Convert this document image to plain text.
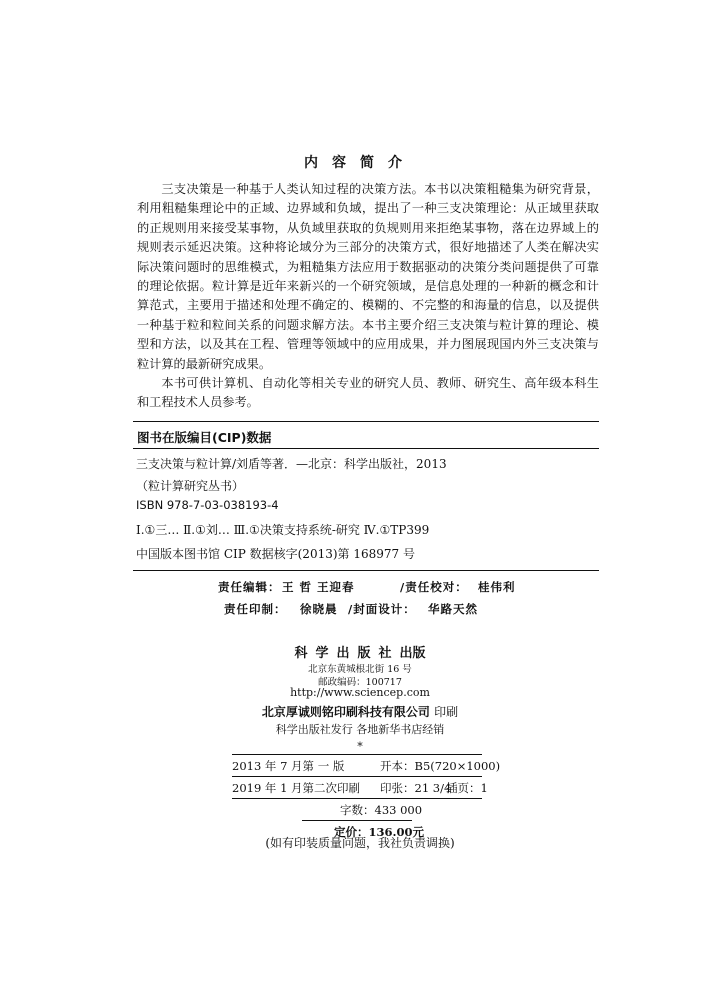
内容简介

三支决策是一种基于人类认知过程的决策方法。本书以决策粗糙集为研究背景，利用粗糙集理论中的正域、边界域和负域，提出了一种三支决策理论：从正域里获取的正规则用来接受某事物，从负域里获取的负规则用来拒绝某事物，落在边界域上的规则表示延迟决策。这种将论域分为三部分的决策方式，很好地描述了人类在解决实际决策问题时的思维模式，为粗糙集方法应用于数据驱动的决策分类问题提供了可靠的理论依据。粒计算是近年来新兴的一个研究领域，是信息处理的一种新的概念和计算范式，主要用于描述和处理不确定的、模糊的、不完整的和海量的信息，以及提供一种基于粒和粒间关系的问题求解方法。本书主要介绍三支决策与粒计算的理论、模型和方法，以及其在工程、管理等领域中的应用成果，并力图展现国内外三支决策与粒计算的最新研究成果。

本书可供计算机、自动化等相关专业的研究人员、教师、研究生、高年级本科生和工程技术人员参考。

图书在版编目(CIP)数据
三支决策与粒计算/刘盾等著．—北京：科学出版社，2013
（粒计算研究丛书）
ISBN 978-7-03-038193-4
Ⅰ.①三… Ⅱ.①刘… Ⅲ.①决策支持系统-研究 Ⅳ.①TP399
中国版本图书馆 CIP 数据核字(2013)第 168977 号
责任编辑： 王 哲 王迎春	/责任校对： 桂伟利
责任印制： 徐晓晨 /封面设计： 华路天然
科学出版社出版
北京东黄城根北街 16 号
邮政编码：100717
http://www.sciencep.com
北京厚诚则铭印刷科技有限公司 印刷
科学出版社发行 各地新华书店经销
*
2013 年 7 月第 一 版	开本：B5(720×1000)
2019 年 1 月第二次印刷 印张：21 3/4
插页：1
字数：433 000
定价：136.00元
(如有印装质量问题，我社负责调换)
